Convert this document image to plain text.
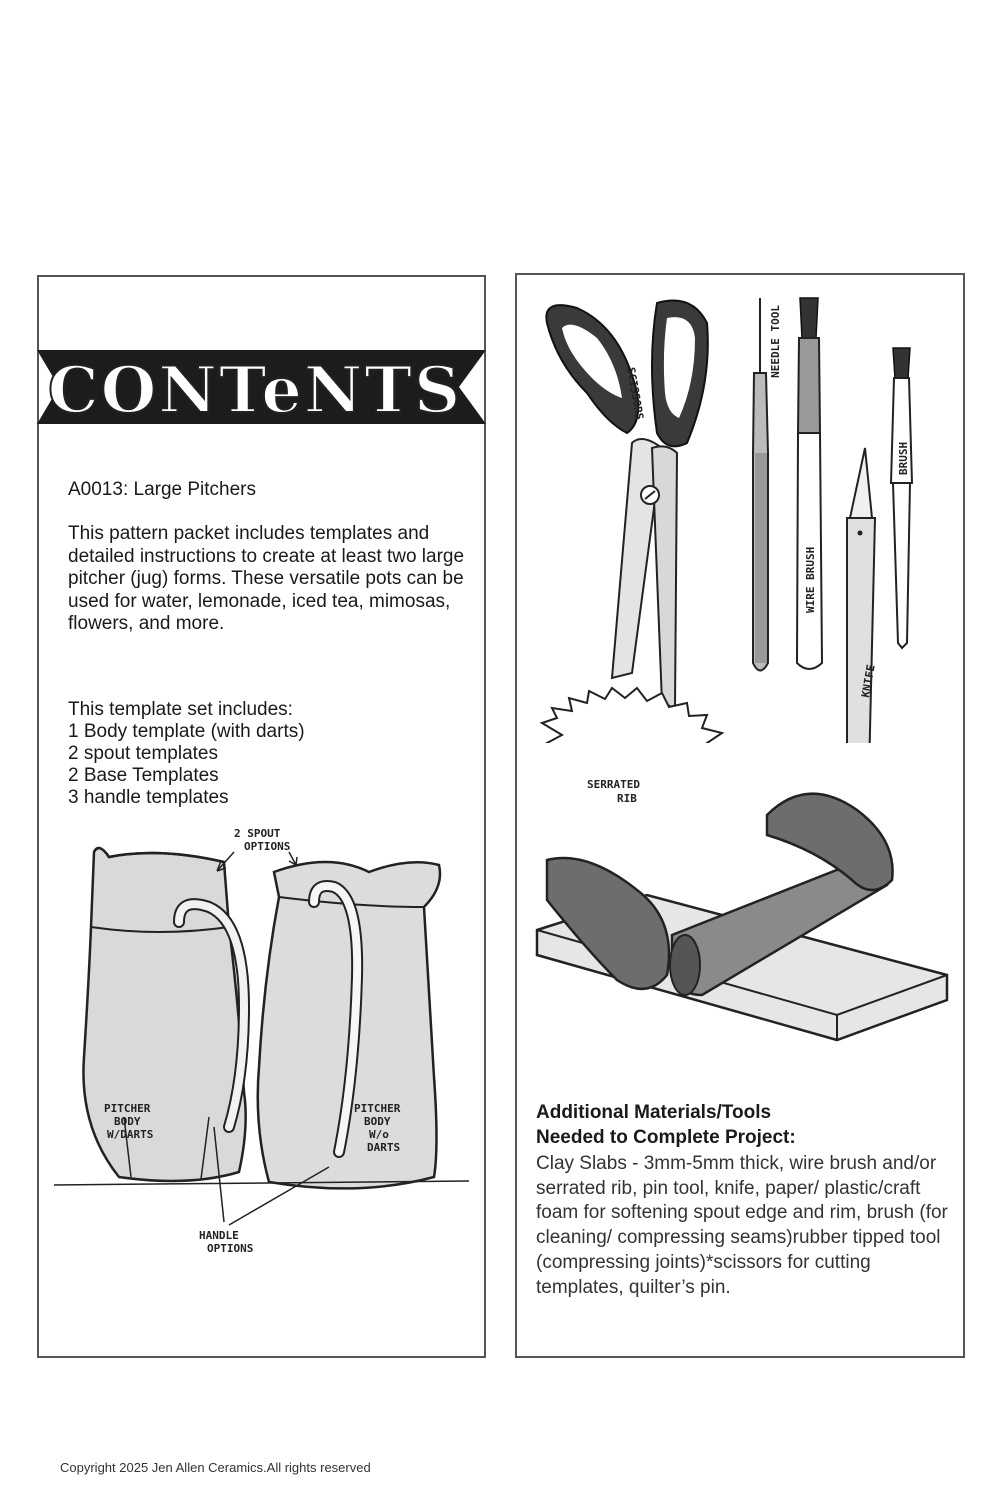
CONTeNTS
A0013: Large Pitchers

This pattern packet includes templates and detailed instructions to create at least two large pitcher (jug) forms. These versatile pots can be used for water, lemonade, iced tea, mimosas, flowers, and more.

This template set includes:
1 Body template (with darts)
2 spout templates
2 Base Templates
3 handle templates
2 SPOUT
OPTIONS
PITCHER
BODY
W/DARTS
PITCHER
BODY
W/o
DARTS
HANDLE
OPTIONS
SCISSORS
NEEDLE TOOL
WIRE BRUSH
KNIFE
BRUSH
SERRATED
RIB
Additional Materials/Tools
Needed to Complete Project:

Clay Slabs - 3mm-5mm thick, wire brush and/or serrated rib, pin tool, knife, paper/ plastic/craft foam for softening spout edge and rim, brush (for cleaning/ compressing seams)rubber tipped tool (compressing joints)*scissors for cutting templates, quilter’s pin.

Copyright 2025 Jen Allen Ceramics.All rights reserved
